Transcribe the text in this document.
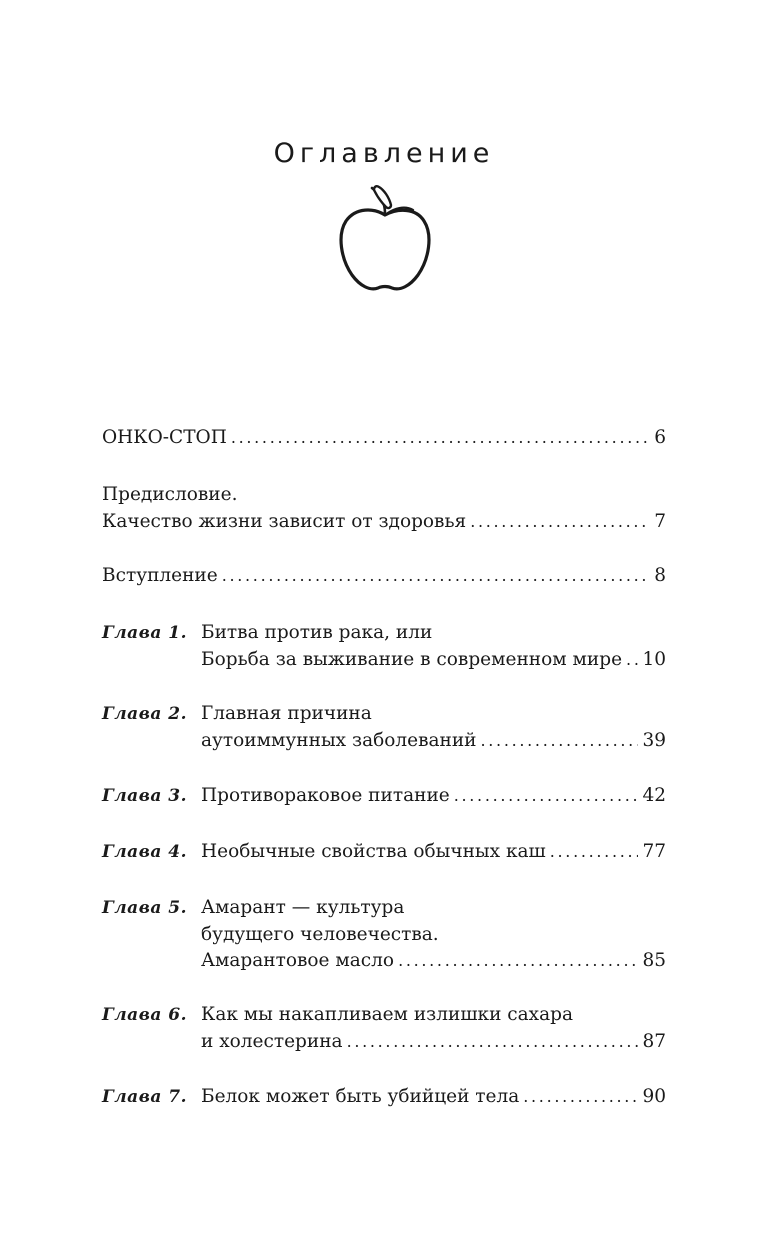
Оглавление
ОНКО-СТОП . . .	6
Предисловие.
Качество жизни зависит от здоровья . . .	7
Вступление . . .	8
Глава 1. Битва против рака, или
Борьба за выживание в современном мире . . . 10
Глава 2. Главная причина
аутоиммунных заболеваний . . .	39
Глава 3. Противораковое питание . . .	42
Глава 4. Необычные свойства обычных каш . . .	77
Глава 5. Амарант — культура
будущего человечества.
Амарантовое масло . . .	85
Глава 6. Как мы накапливаем излишки сахара
и холестерина . . .	87
Глава 7. Белок может быть убийцей тела . . .	90
